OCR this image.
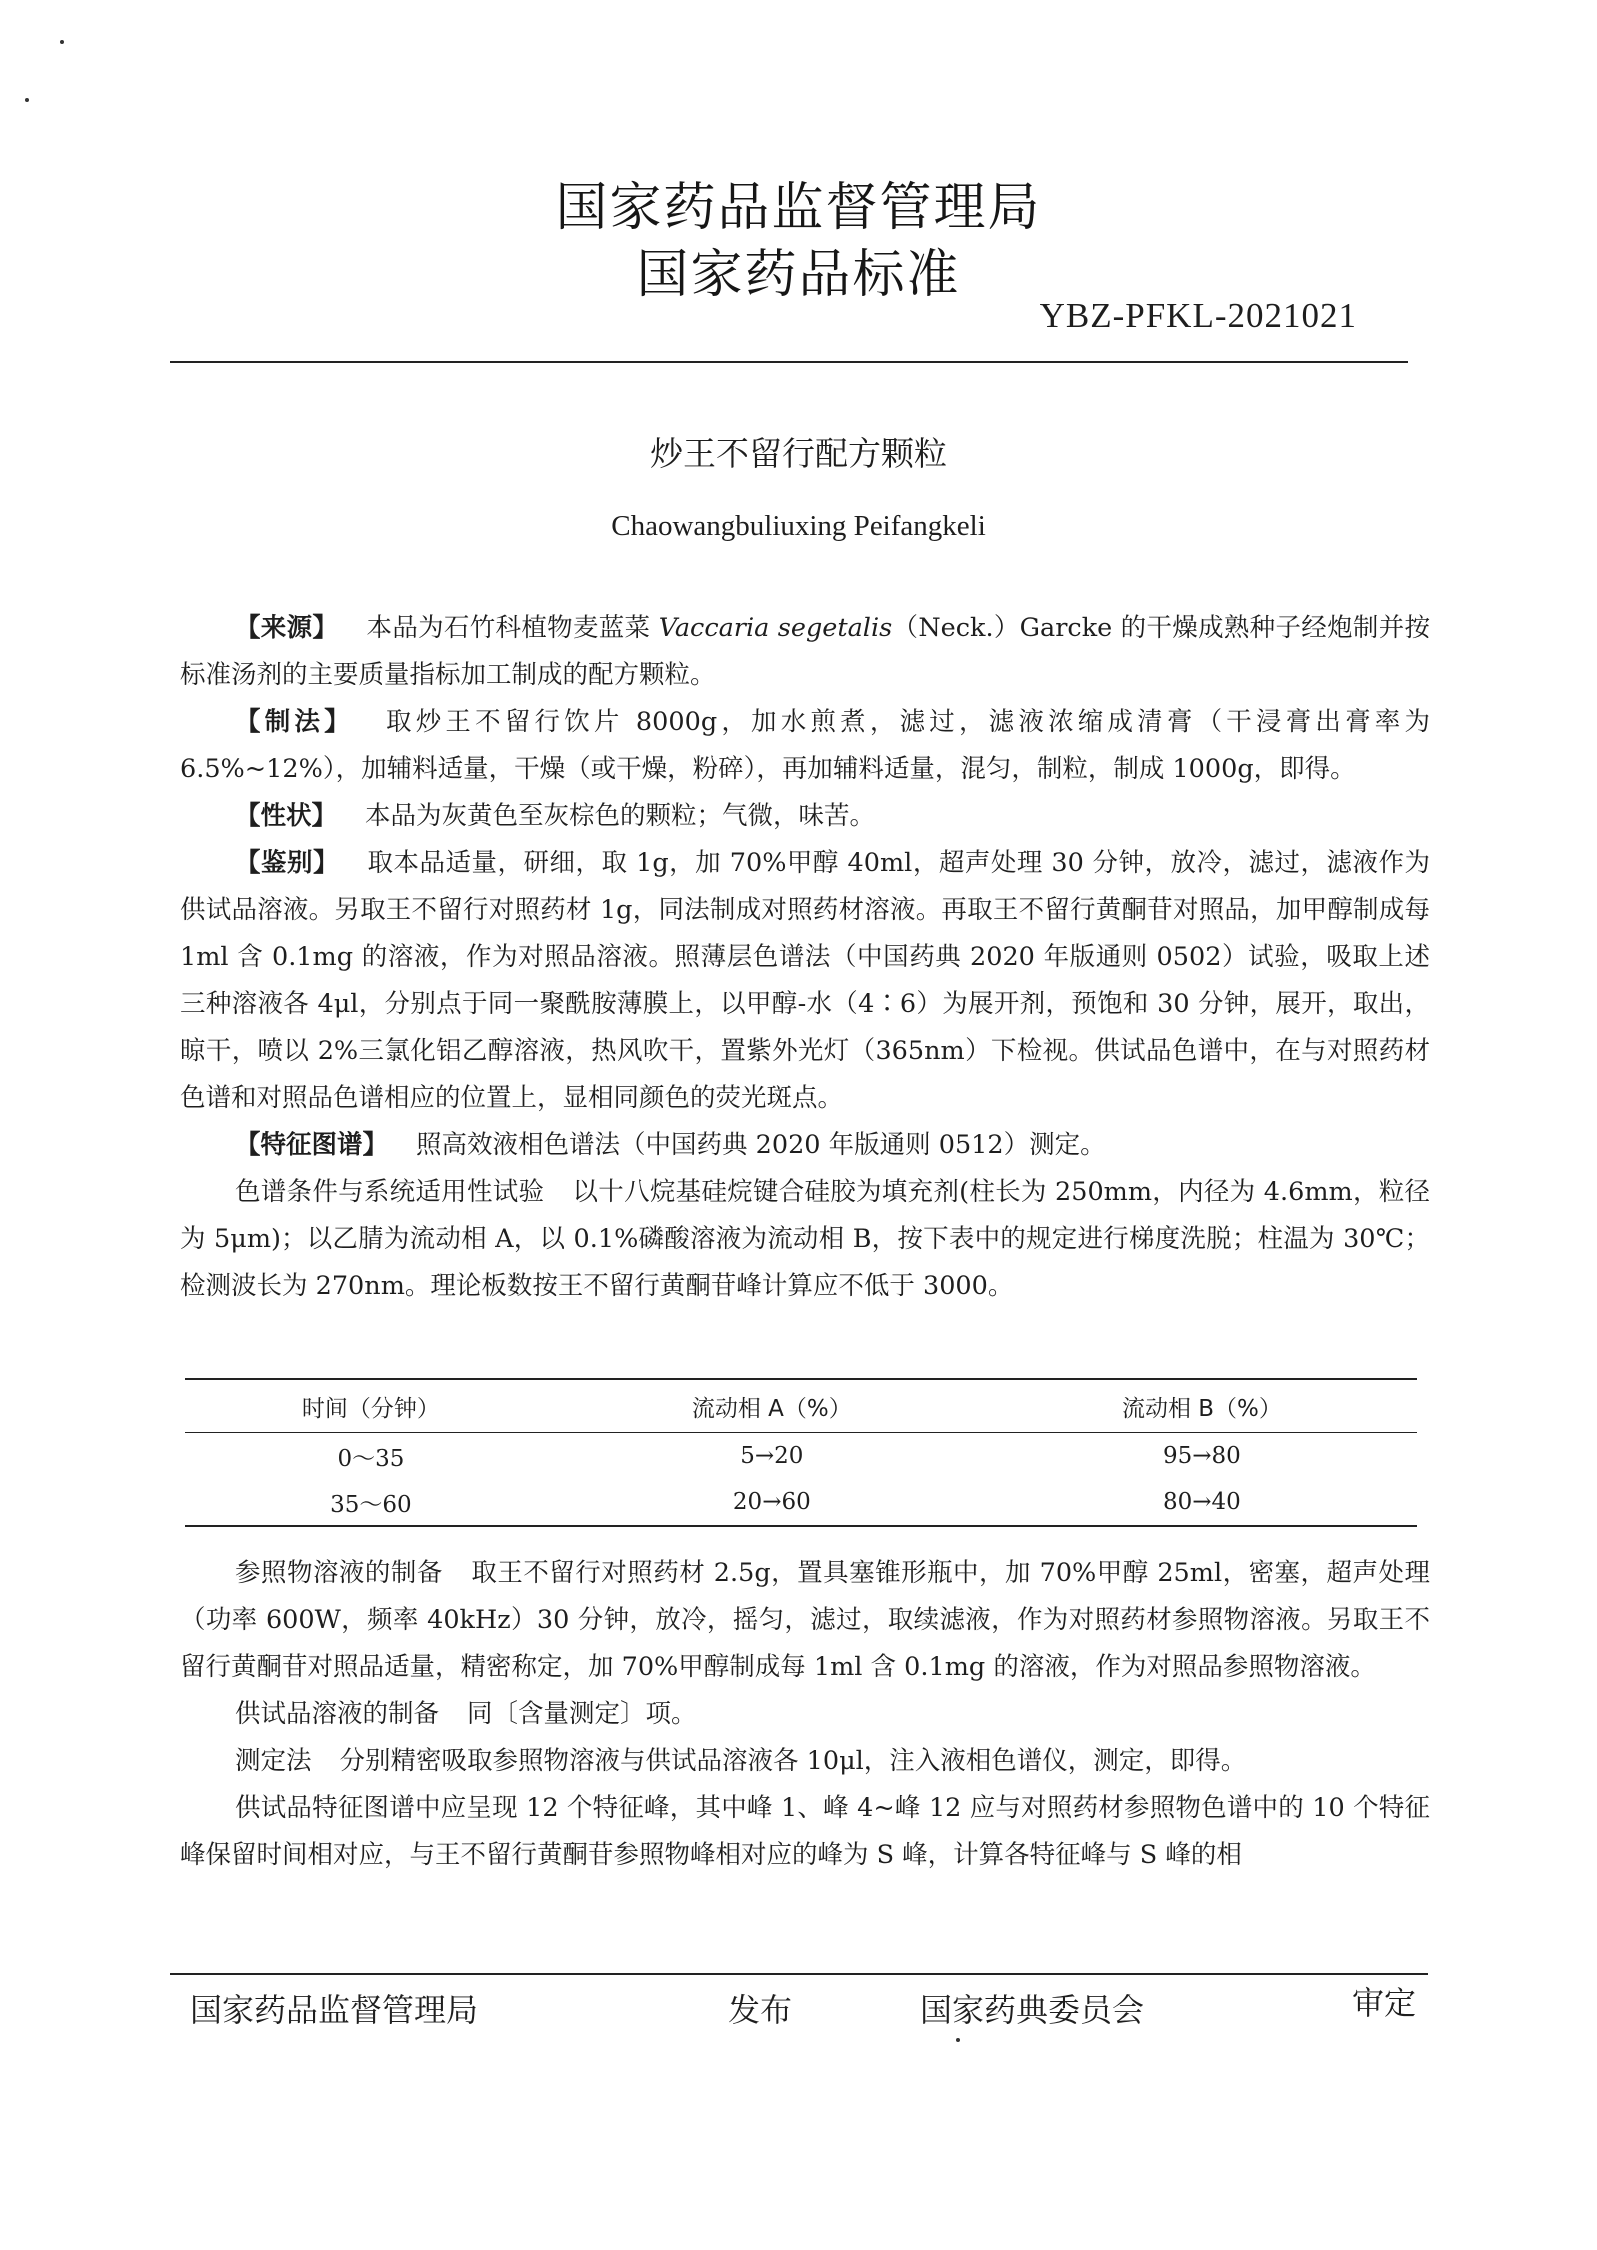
国家药品监督管理局
国家药品标准
YBZ-PFKL-2021021
炒王不留行配方颗粒
Chaowangbuliuxing Peifangkeli

【来源】 本品为石竹科植物麦蓝菜 Vaccaria segetalis（Neck.）Garcke 的干燥成熟种子经炮制并按标准汤剂的主要质量指标加工制成的配方颗粒。

【制法】 取炒王不留行饮片 8000g，加水煎煮，滤过，滤液浓缩成清膏（干浸膏出膏率为 6.5%~12%），加辅料适量，干燥（或干燥，粉碎），再加辅料适量，混匀，制粒，制成 1000g，即得。

【性状】 本品为灰黄色至灰棕色的颗粒；气微，味苦。

【鉴别】 取本品适量，研细，取 1g，加 70%甲醇 40ml，超声处理 30 分钟，放冷，滤过，滤液作为供试品溶液。另取王不留行对照药材 1g，同法制成对照药材溶液。再取王不留行黄酮苷对照品，加甲醇制成每 1ml 含 0.1mg 的溶液，作为对照品溶液。照薄层色谱法（中国药典 2020 年版通则 0502）试验，吸取上述三种溶液各 4μl，分别点于同一聚酰胺薄膜上，以甲醇-水（4∶6）为展开剂，预饱和 30 分钟，展开，取出，晾干，喷以 2%三氯化铝乙醇溶液，热风吹干，置紫外光灯（365nm）下检视。供试品色谱中，在与对照药材色谱和对照品色谱相应的位置上，显相同颜色的荧光斑点。

【特征图谱】 照高效液相色谱法（中国药典 2020 年版通则 0512）测定。

色谱条件与系统适用性试验 以十八烷基硅烷键合硅胶为填充剂(柱长为 250mm，内径为 4.6mm，粒径为 5μm)；以乙腈为流动相 A，以 0.1%磷酸溶液为流动相 B，按下表中的规定进行梯度洗脱；柱温为 30℃；检测波长为 270nm。理论板数按王不留行黄酮苷峰计算应不低于 3000。

时间（分钟）	流动相 A（%）	流动相 B（%）
0～35	5→20	95→80
35～60	20→60	80→40

参照物溶液的制备 取王不留行对照药材 2.5g，置具塞锥形瓶中，加 70%甲醇 25ml，密塞，超声处理（功率 600W，频率 40kHz）30 分钟，放冷，摇匀，滤过，取续滤液，作为对照药材参照物溶液。另取王不留行黄酮苷对照品适量，精密称定，加 70%甲醇制成每 1ml 含 0.1mg 的溶液，作为对照品参照物溶液。

供试品溶液的制备 同〔含量测定〕项。

测定法 分别精密吸取参照物溶液与供试品溶液各 10μl，注入液相色谱仪，测定，即得。

供试品特征图谱中应呈现 12 个特征峰，其中峰 1、峰 4~峰 12 应与对照药材参照物色谱中的 10 个特征峰保留时间相对应，与王不留行黄酮苷参照物峰相对应的峰为 S 峰，计算各特征峰与 S 峰的相

国家药品监督管理局	发布	国家药典委员会	审定
